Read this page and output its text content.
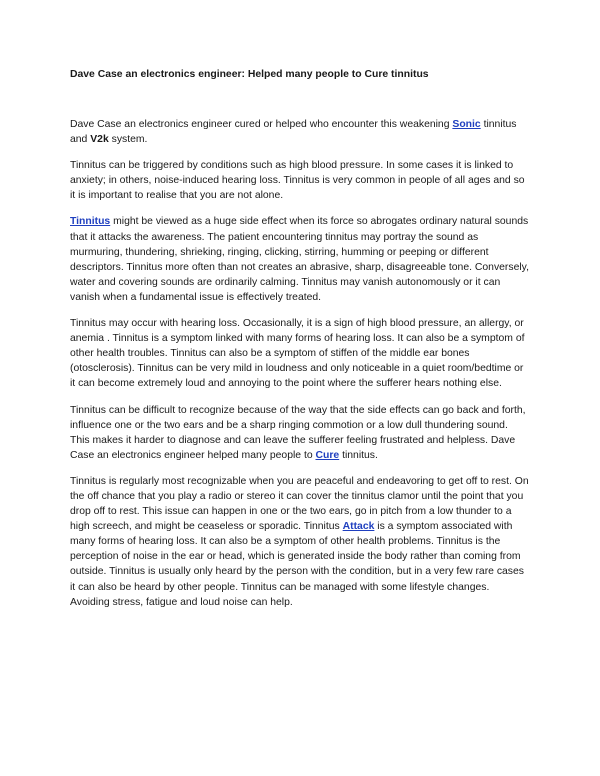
Dave Case an electronics engineer: Helped many people to Cure tinnitus

Dave Case an electronics engineer cured or helped who encounter this weakening Sonic tinnitus and V2k system.

Tinnitus can be triggered by conditions such as high blood pressure. In some cases it is linked to anxiety; in others, noise-induced hearing loss. Tinnitus is very common in people of all ages and so it is important to realise that you are not alone.

Tinnitus might be viewed as a huge side effect when its force so abrogates ordinary natural sounds that it attacks the awareness. The patient encountering tinnitus may portray the sound as murmuring, thundering, shrieking, ringing, clicking, stirring, humming or peeping or different descriptors. Tinnitus more often than not creates an abrasive, sharp, disagreeable tone. Conversely, water and covering sounds are ordinarily calming. Tinnitus may vanish autonomously or it can vanish when a fundamental issue is effectively treated.

Tinnitus may occur with hearing loss. Occasionally, it is a sign of high blood pressure, an allergy, or anemia . Tinnitus is a symptom linked with many forms of hearing loss. It can also be a symptom of other health troubles. Tinnitus can also be a symptom of stiffen of the middle ear bones (otosclerosis). Tinnitus can be very mild in loudness and only noticeable in a quiet room/bedtime or it can become extremely loud and annoying to the point where the sufferer hears nothing else.

Tinnitus can be difficult to recognize because of the way that the side effects can go back and forth, influence one or the two ears and be a sharp ringing commotion or a low dull thundering sound. This makes it harder to diagnose and can leave the sufferer feeling frustrated and helpless. Dave Case an electronics engineer helped many people to Cure tinnitus.

Tinnitus is regularly most recognizable when you are peaceful and endeavoring to get off to rest. On the off chance that you play a radio or stereo it can cover the tinnitus clamor until the point that you drop off to rest. This issue can happen in one or the two ears, go in pitch from a low thunder to a high screech, and might be ceaseless or sporadic. Tinnitus Attack is a symptom associated with many forms of hearing loss. It can also be a symptom of other health problems. Tinnitus is the perception of noise in the ear or head, which is generated inside the body rather than coming from outside. Tinnitus is usually only heard by the person with the condition, but in a very few rare cases it can also be heard by other people. Tinnitus can be managed with some lifestyle changes. Avoiding stress, fatigue and loud noise can help.
